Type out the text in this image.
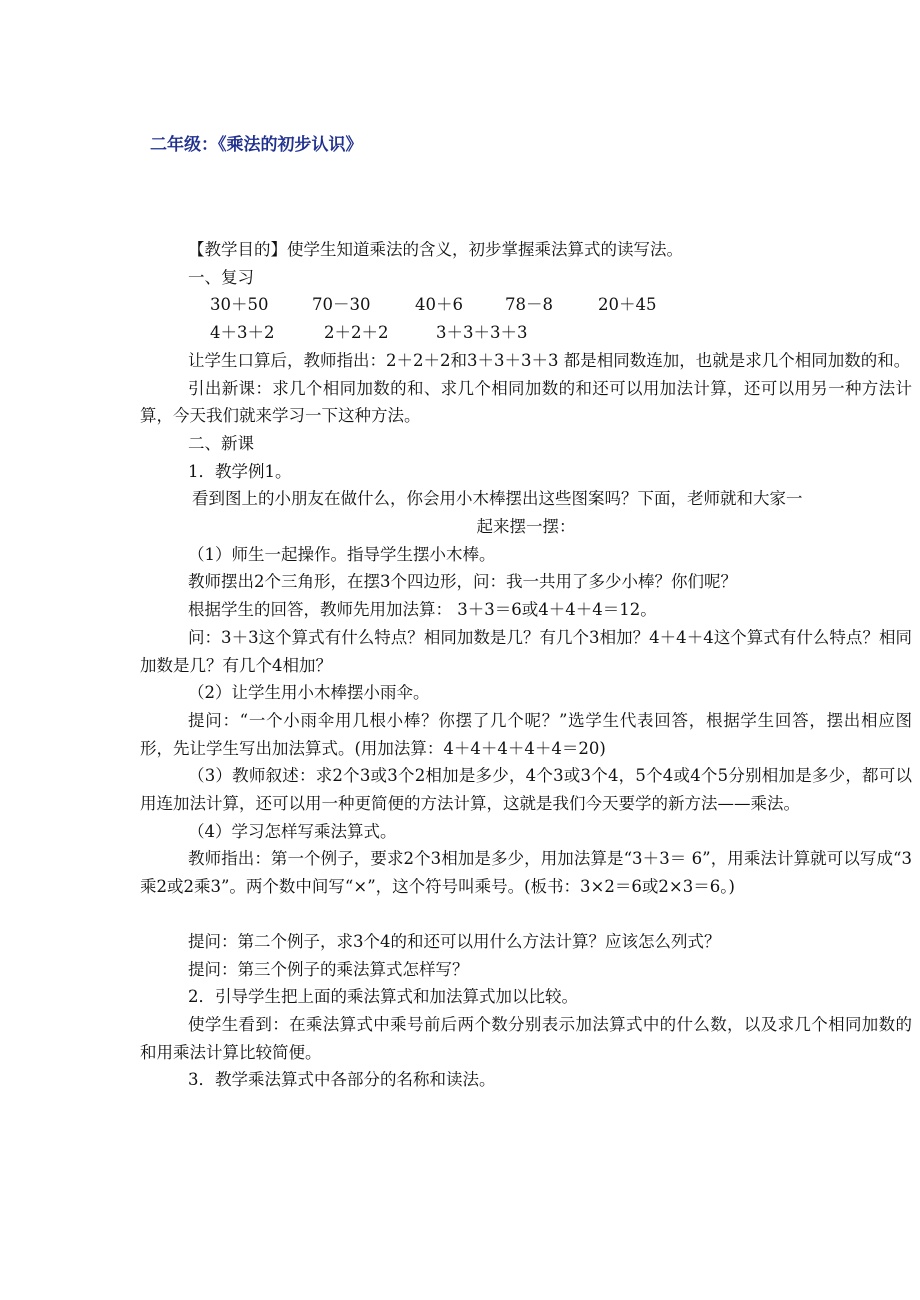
二年级：《乘法的初步认识》

【教学目的】使学生知道乘法的含义，初步掌握乘法算式的读写法。

一、复习

30＋50	70－30	40＋6	78－8	20＋45

4＋3＋2	2＋2＋2	3＋3＋3＋3

让学生口算后，教师指出：2＋2＋2和3＋3＋3＋3 都是相同数连加，也就是求几个相同加数的和。

引出新课：求几个相同加数的和、求几个相同加数的和还可以用加法计算，还可以用另一种方法计算，今天我们就来学习一下这种方法。

二、新课

1．教学例1。

看到图上的小朋友在做什么，你会用小木棒摆出这些图案吗？下面，老师就和大家一

起来摆一摆：

（1）师生一起操作。指导学生摆小木棒。

教师摆出2个三角形，在摆3个四边形，问：我一共用了多少小棒？你们呢？

根据学生的回答，教师先用加法算： 3＋3＝6或4＋4＋4＝12。

问：3＋3这个算式有什么特点？相同加数是几？有几个3相加？4＋4＋4这个算式有什么特点？相同加数是几？有几个4相加？

（2）让学生用小木棒摆小雨伞。

提问：“一个小雨伞用几根小棒？你摆了几个呢？”选学生代表回答，根据学生回答，摆出相应图形，先让学生写出加法算式。(用加法算：4＋4＋4＋4＋4＝20)

（3）教师叙述：求2个3或3个2相加是多少，4个3或3个4，5个4或4个5分别相加是多少，都可以用连加法计算，还可以用一种更简便的方法计算，这就是我们今天要学的新方法——乘法。

（4）学习怎样写乘法算式。

教师指出：第一个例子，要求2个3相加是多少，用加法算是“3＋3＝ 6”，用乘法计算就可以写成“3乘2或2乘3”。两个数中间写“×”，这个符号叫乘号。(板书：3×2＝6或2×3＝6。)

提问：第二个例子，求3个4的和还可以用什么方法计算？应该怎么列式？

提问：第三个例子的乘法算式怎样写？

2．引导学生把上面的乘法算式和加法算式加以比较。

使学生看到：在乘法算式中乘号前后两个数分别表示加法算式中的什么数，以及求几个相同加数的和用乘法计算比较简便。

3．教学乘法算式中各部分的名称和读法。
